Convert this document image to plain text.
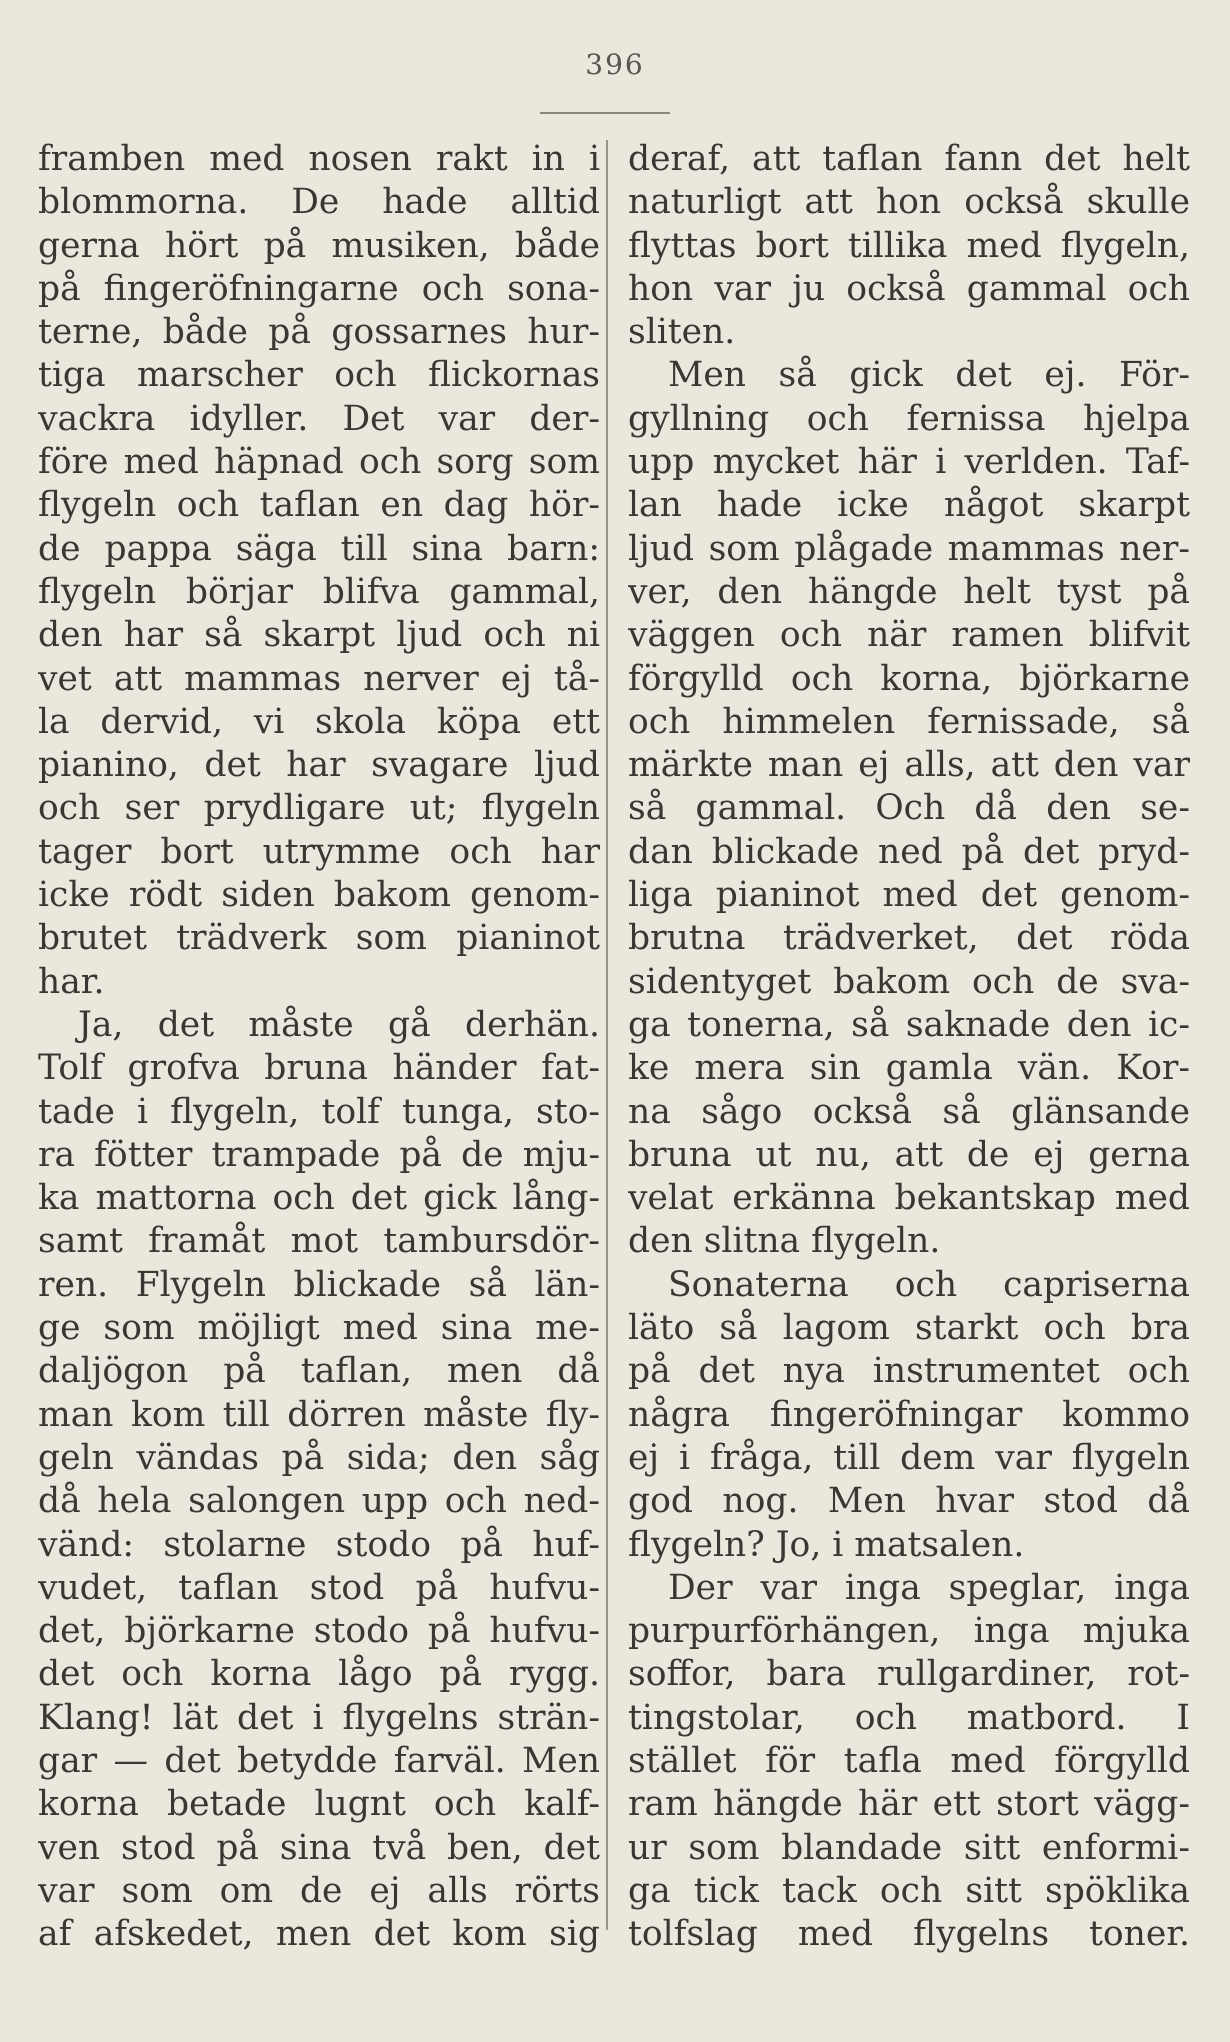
396
framben med nosen rakt in i
blommorna. De hade alltid
gerna hört på musiken, både
på fingeröfningarne och sona-
terne, både på gossarnes hur-
tiga marscher och flickornas
vackra idyller. Det var der-
före med häpnad och sorg som
flygeln och taflan en dag hör-
de pappa säga till sina barn:
flygeln börjar blifva gammal,
den har så skarpt ljud och ni
vet att mammas nerver ej tå-
la dervid, vi skola köpa ett
pianino, det har svagare ljud
och ser prydligare ut; flygeln
tager bort utrymme och har
icke rödt siden bakom genom-
brutet trädverk som pianinot
har.
Ja, det måste gå derhän.
Tolf grofva bruna händer fat-
tade i flygeln, tolf tunga, sto-
ra fötter trampade på de mju-
ka mattorna och det gick lång-
samt framåt mot tambursdör-
ren. Flygeln blickade så län-
ge som möjligt med sina me-
daljögon på taflan, men då
man kom till dörren måste fly-
geln vändas på sida; den såg
då hela salongen upp och ned-
vänd: stolarne stodo på huf-
vudet, taflan stod på hufvu-
det, björkarne stodo på hufvu-
det och korna lågo på rygg.
Klang! lät det i flygelns strän-
gar — det betydde farväl. Men
korna betade lugnt och kalf-
ven stod på sina två ben, det
var som om de ej alls rörts
af afskedet, men det kom sig
deraf, att taflan fann det helt
naturligt att hon också skulle
flyttas bort tillika med flygeln,
hon var ju också gammal och
sliten.
Men så gick det ej. För-
gyllning och fernissa hjelpa
upp mycket här i verlden. Taf-
lan hade icke något skarpt
ljud som plågade mammas ner-
ver, den hängde helt tyst på
väggen och när ramen blifvit
förgylld och korna, björkarne
och himmelen fernissade, så
märkte man ej alls, att den var
så gammal. Och då den se-
dan blickade ned på det pryd-
liga pianinot med det genom-
brutna trädverket, det röda
sidentyget bakom och de sva-
ga tonerna, så saknade den ic-
ke mera sin gamla vän. Kor-
na sågo också så glänsande
bruna ut nu, att de ej gerna
velat erkänna bekantskap med
den slitna flygeln.
Sonaterna och capriserna
läto så lagom starkt och bra
på det nya instrumentet och
några fingeröfningar kommo
ej i fråga, till dem var flygeln
god nog. Men hvar stod då
flygeln? Jo, i matsalen.
Der var inga speglar, inga
purpurförhängen, inga mjuka
soffor, bara rullgardiner, rot-
tingstolar, och matbord. I
stället för tafla med förgylld
ram hängde här ett stort vägg-
ur som blandade sitt enformi-
ga tick tack och sitt spöklika
tolfslag med flygelns toner.
